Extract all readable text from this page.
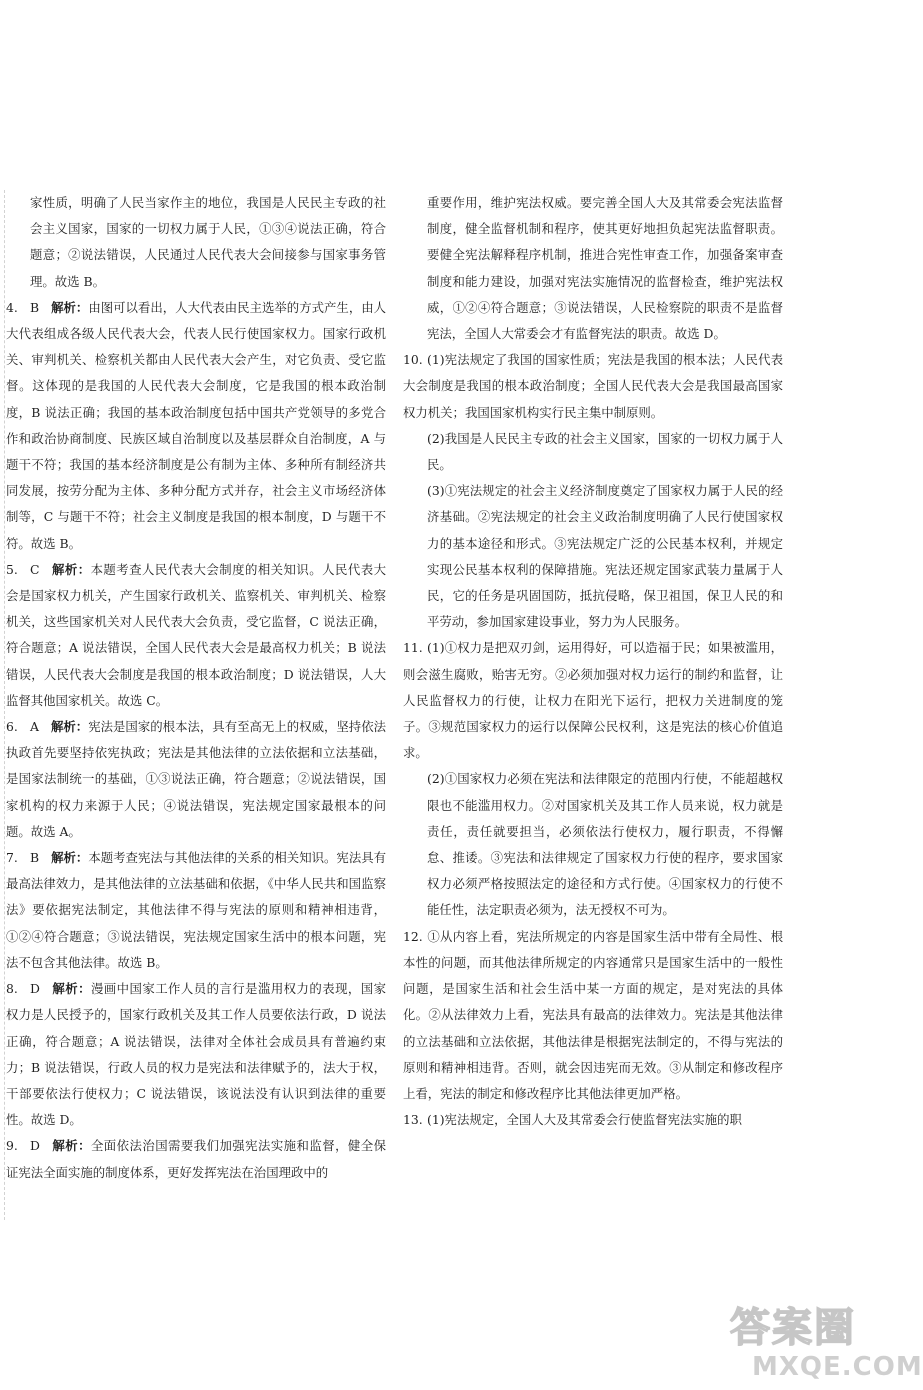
家性质，明确了人民当家作主的地位，我国是人民民主专政的社会主义国家，国家的一切权力属于人民，①③④说法正确，符合题意；②说法错误，人民通过人民代表大会间接参与国家事务管理。故选 B。

4. B 解析：由图可以看出，人大代表由民主选举的方式产生，由人大代表组成各级人民代表大会，代表人民行使国家权力。国家行政机关、审判机关、检察机关都由人民代表大会产生，对它负责、受它监督。这体现的是我国的人民代表大会制度，它是我国的根本政治制度，B 说法正确；我国的基本政治制度包括中国共产党领导的多党合作和政治协商制度、民族区域自治制度以及基层群众自治制度，A 与题干不符；我国的基本经济制度是公有制为主体、多种所有制经济共同发展，按劳分配为主体、多种分配方式并存，社会主义市场经济体制等，C 与题干不符；社会主义制度是我国的根本制度，D 与题干不符。故选 B。

5. C 解析：本题考查人民代表大会制度的相关知识。人民代表大会是国家权力机关，产生国家行政机关、监察机关、审判机关、检察机关，这些国家机关对人民代表大会负责，受它监督，C 说法正确，符合题意；A 说法错误，全国人民代表大会是最高权力机关；B 说法错误，人民代表大会制度是我国的根本政治制度；D 说法错误，人大监督其他国家机关。故选 C。

6. A 解析：宪法是国家的根本法，具有至高无上的权威，坚持依法执政首先要坚持依宪执政；宪法是其他法律的立法依据和立法基础，是国家法制统一的基础，①③说法正确，符合题意；②说法错误，国家机构的权力来源于人民；④说法错误，宪法规定国家最根本的问题。故选 A。

7. B 解析：本题考查宪法与其他法律的关系的相关知识。宪法具有最高法律效力，是其他法律的立法基础和依据，《中华人民共和国监察法》要依据宪法制定，其他法律不得与宪法的原则和精神相违背，①②④符合题意；③说法错误，宪法规定国家生活中的根本问题，宪法不包含其他法律。故选 B。

8. D 解析：漫画中国家工作人员的言行是滥用权力的表现，国家权力是人民授予的，国家行政机关及其工作人员要依法行政，D 说法正确，符合题意；A 说法错误，法律对全体社会成员具有普遍约束力；B 说法错误，行政人员的权力是宪法和法律赋予的，法大于权，干部要依法行使权力；C 说法错误，该说法没有认识到法律的重要性。故选 D。

9. D 解析：全面依法治国需要我们加强宪法实施和监督，健全保证宪法全面实施的制度体系，更好发挥宪法在治国理政中的

重要作用，维护宪法权威。要完善全国人大及其常委会宪法监督制度，健全监督机制和程序，使其更好地担负起宪法监督职责。要健全宪法解释程序机制，推进合宪性审查工作，加强备案审查制度和能力建设，加强对宪法实施情况的监督检查，维护宪法权威，①②④符合题意；③说法错误，人民检察院的职责不是监督宪法，全国人大常委会才有监督宪法的职责。故选 D。

10. (1)宪法规定了我国的国家性质；宪法是我国的根本法；人民代表大会制度是我国的根本政治制度；全国人民代表大会是我国最高国家权力机关；我国国家机构实行民主集中制原则。

(2)我国是人民民主专政的社会主义国家，国家的一切权力属于人民。

(3)①宪法规定的社会主义经济制度奠定了国家权力属于人民的经济基础。②宪法规定的社会主义政治制度明确了人民行使国家权力的基本途径和形式。③宪法规定广泛的公民基本权利，并规定实现公民基本权利的保障措施。宪法还规定国家武装力量属于人民，它的任务是巩固国防，抵抗侵略，保卫祖国，保卫人民的和平劳动，参加国家建设事业，努力为人民服务。

11. (1)①权力是把双刃剑，运用得好，可以造福于民；如果被滥用，则会滋生腐败，贻害无穷。②必须加强对权力运行的制约和监督，让人民监督权力的行使，让权力在阳光下运行，把权力关进制度的笼子。③规范国家权力的运行以保障公民权利，这是宪法的核心价值追求。

(2)①国家权力必须在宪法和法律限定的范围内行使，不能超越权限也不能滥用权力。②对国家机关及其工作人员来说，权力就是责任，责任就要担当，必须依法行使权力，履行职责，不得懈怠、推诿。③宪法和法律规定了国家权力行使的程序，要求国家权力必须严格按照法定的途径和方式行使。④国家权力的行使不能任性，法定职责必须为，法无授权不可为。

12. ①从内容上看，宪法所规定的内容是国家生活中带有全局性、根本性的问题，而其他法律所规定的内容通常只是国家生活中的一般性问题，是国家生活和社会生活中某一方面的规定，是对宪法的具体化。②从法律效力上看，宪法具有最高的法律效力。宪法是其他法律的立法基础和立法依据，其他法律是根据宪法制定的，不得与宪法的原则和精神相违背。否则，就会因违宪而无效。③从制定和修改程序上看，宪法的制定和修改程序比其他法律更加严格。

13. (1)宪法规定，全国人大及其常委会行使监督宪法实施的职

答案圈
MXQE.COM
